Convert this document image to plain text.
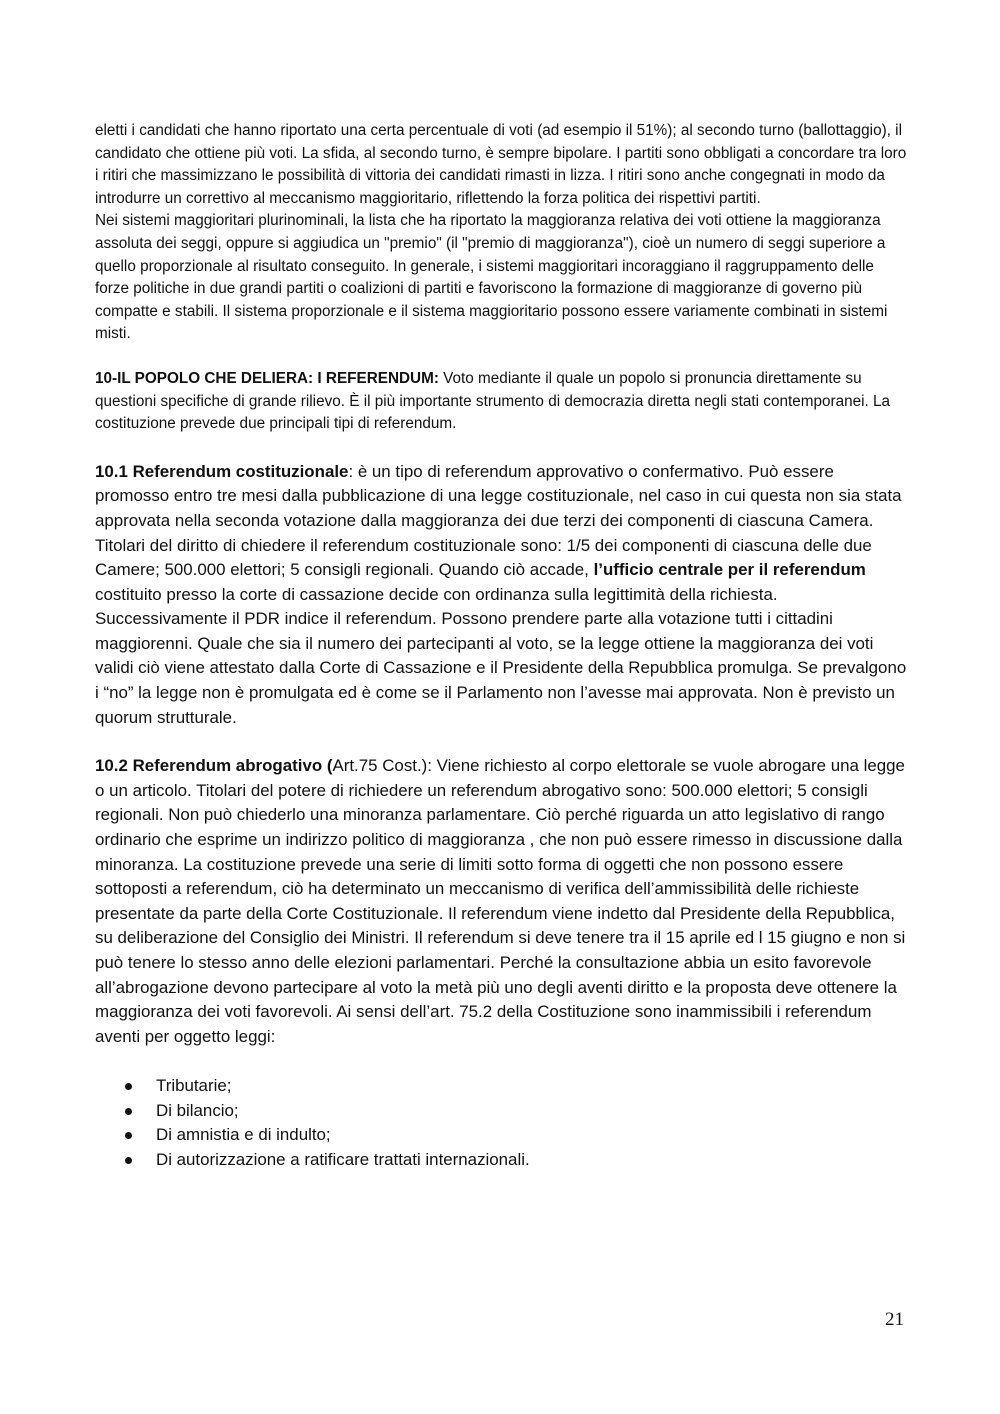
eletti i candidati che hanno riportato una certa percentuale di voti (ad esempio il 51%); al secondo turno (ballottaggio), il candidato che ottiene più voti. La sfida, al secondo turno, è sempre bipolare. I partiti sono obbligati a concordare tra loro i ritiri che massimizzano le possibilità di vittoria dei candidati rimasti in lizza. I ritiri sono anche congegnati in modo da introdurre un correttivo al meccanismo maggioritario, riflettendo la forza politica dei rispettivi partiti.

Nei sistemi maggioritari plurinominali, la lista che ha riportato la maggioranza relativa dei voti ottiene la maggioranza assoluta dei seggi, oppure si aggiudica un "premio" (il "premio di maggioranza"), cioè un numero di seggi superiore a quello proporzionale al risultato conseguito. In generale, i sistemi maggioritari incoraggiano il raggruppamento delle forze politiche in due grandi partiti o coalizioni di partiti e favoriscono la formazione di maggioranze di governo più compatte e stabili. Il sistema proporzionale e il sistema maggioritario possono essere variamente combinati in sistemi misti.

10-IL POPOLO CHE DELIERA: I REFERENDUM: Voto mediante il quale un popolo si pronuncia direttamente su questioni specifiche di grande rilievo. È il più importante strumento di democrazia diretta negli stati contemporanei. La costituzione prevede due principali tipi di referendum.

10.1 Referendum costituzionale: è un tipo di referendum approvativo o confermativo. Può essere promosso entro tre mesi dalla pubblicazione di una legge costituzionale, nel caso in cui questa non sia stata approvata nella seconda votazione dalla maggioranza dei due terzi dei componenti di ciascuna Camera. Titolari del diritto di chiedere il referendum costituzionale sono: 1/5 dei componenti di ciascuna delle due Camere; 500.000 elettori; 5 consigli regionali. Quando ciò accade, l’ufficio centrale per il referendum costituito presso la corte di cassazione decide con ordinanza sulla legittimità della richiesta. Successivamente il PDR indice il referendum. Possono prendere parte alla votazione tutti i cittadini maggiorenni. Quale che sia il numero dei partecipanti al voto, se la legge ottiene la maggioranza dei voti validi ciò viene attestato dalla Corte di Cassazione e il Presidente della Repubblica promulga. Se prevalgono i “no” la legge non è promulgata ed è come se il Parlamento non l’avesse mai approvata. Non è previsto un quorum strutturale.

10.2 Referendum abrogativo (Art.75 Cost.): Viene richiesto al corpo elettorale se vuole abrogare una legge o un articolo. Titolari del potere di richiedere un referendum abrogativo sono: 500.000 elettori; 5 consigli regionali. Non può chiederlo una minoranza parlamentare. Ciò perché riguarda un atto legislativo di rango ordinario che esprime un indirizzo politico di maggioranza , che non può essere rimesso in discussione dalla minoranza. La costituzione prevede una serie di limiti sotto forma di oggetti che non possono essere sottoposti a referendum, ciò ha determinato un meccanismo di verifica dell’ammissibilità delle richieste presentate da parte della Corte Costituzionale. Il referendum viene indetto dal Presidente della Repubblica, su deliberazione del Consiglio dei Ministri. Il referendum si deve tenere tra il 15 aprile ed l 15 giugno e non si può tenere lo stesso anno delle elezioni parlamentari. Perché la consultazione abbia un esito favorevole all’abrogazione devono partecipare al voto la metà più uno degli aventi diritto e la proposta deve ottenere la maggioranza dei voti favorevoli. Ai sensi dell’art. 75.2 della Costituzione sono inammissibili i referendum aventi per oggetto leggi:

Tributarie;
Di bilancio;
Di amnistia e di indulto;
Di autorizzazione a ratificare trattati internazionali.
21
